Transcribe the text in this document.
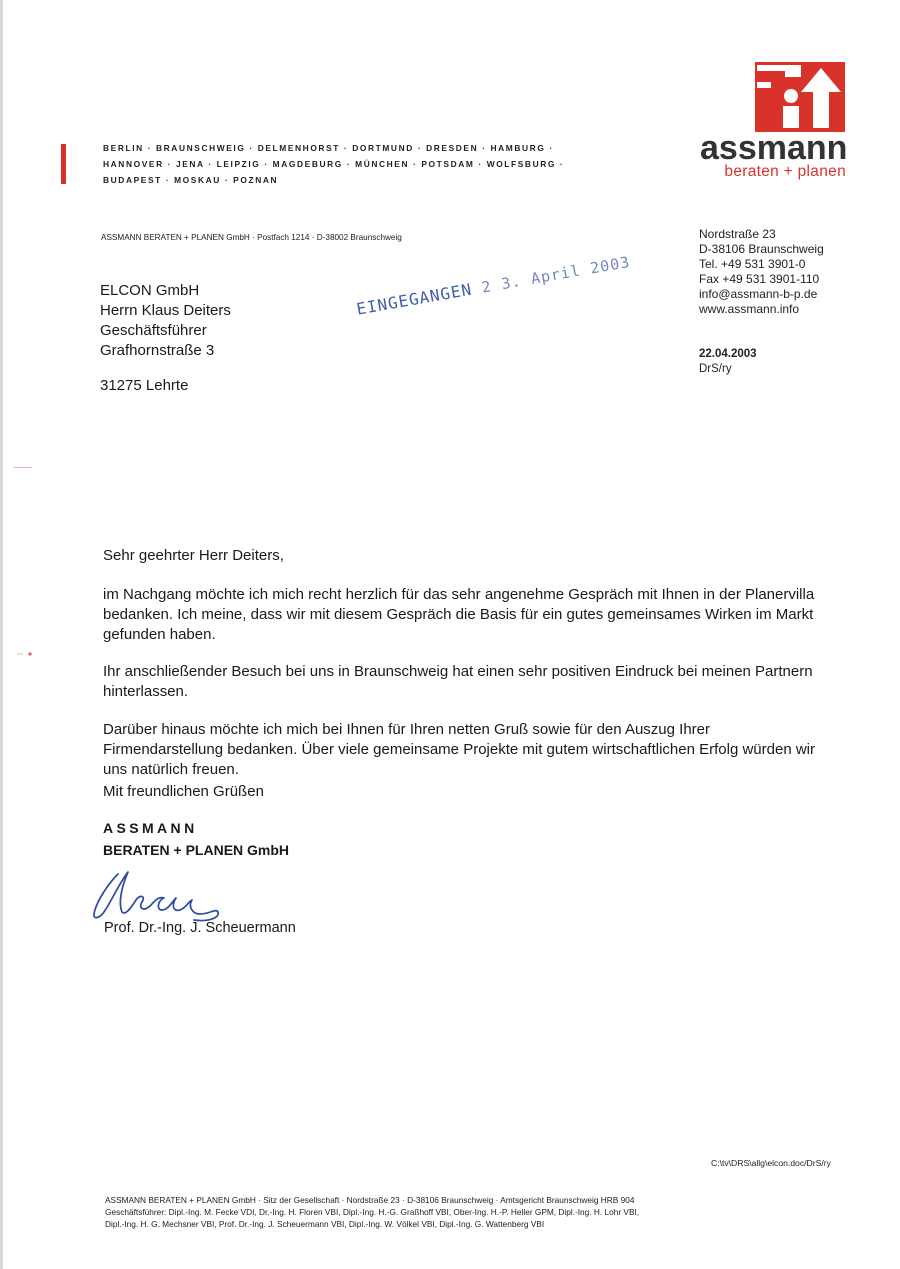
BERLIN · BRAUNSCHWEIG · DELMENHORST · DORTMUND · DRESDEN · HAMBURG ·
HANNOVER · JENA · LEIPZIG · MAGDEBURG · MÜNCHEN · POTSDAM · WOLFSBURG ·
BUDAPEST · MOSKAU · POZNAN
assmann
beraten + planen
ASSMANN BERATEN + PLANEN GmbH · Postfach 1214 · D-38002 Braunschweig
ELCON GmbH
Herrn Klaus Deiters
Geschäftsführer
Grafhornstraße 3
31275 Lehrte
Nordstraße 23
D-38106 Braunschweig
Tel. +49 531 3901-0
Fax +49 531 3901-110
info@assmann-b-p.de
www.assmann.info
22.04.2003
DrS/ry
EINGEGANGEN2 3. April 2003
Sehr geehrter Herr Deiters,
im Nachgang möchte ich mich recht herzlich für das sehr angenehme Gespräch mit Ihnen in der Planervilla bedanken. Ich meine, dass wir mit diesem Gespräch die Basis für ein gutes gemeinsames Wirken im Markt gefunden haben.
Ihr anschließender Besuch bei uns in Braunschweig hat einen sehr positiven Eindruck bei meinen Partnern hinterlassen.
Darüber hinaus möchte ich mich bei Ihnen für Ihren netten Gruß sowie für den Auszug Ihrer Firmendarstellung bedanken. Über viele gemeinsame Projekte mit gutem wirtschaftlichen Erfolg würden wir uns natürlich freuen.
Mit freundlichen Grüßen
ASSMANN
BERATEN + PLANEN GmbH
Prof. Dr.-Ing. J. Scheuermann
C:\tv\DRS\allg\elcon.doc/DrS/ry
ASSMANN BERATEN + PLANEN GmbH · Sitz der Gesellschaft · Nordstraße 23 · D-38106 Braunschweig · Amtsgericht Braunschweig HRB 904
Geschäftsführer: Dipl.-Ing. M. Fecke VDI, Dr.-Ing. H. Floren VBI, Dipl.-Ing. H.-G. Graßhoff VBI, Ober-Ing. H.-P. Heller GPM, Dipl.-Ing. H. Lohr VBI,
Dipl.-Ing. H. G. Mechsner VBI, Prof. Dr.-Ing. J. Scheuermann VBI, Dipl.-Ing. W. Völkel VBI, Dipl.-Ing. G. Wattenberg VBI
